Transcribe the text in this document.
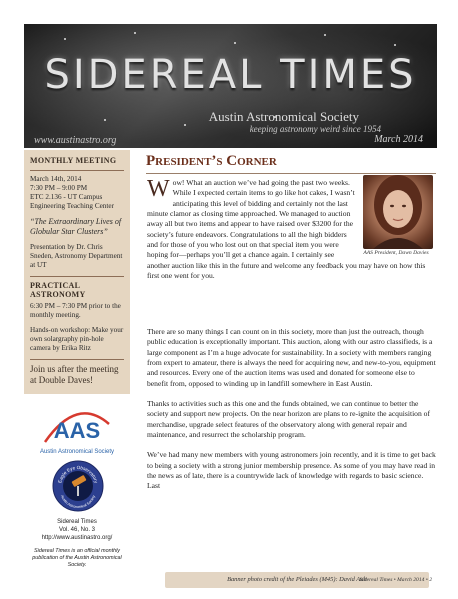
SIDEREAL TIMES
Austin Astronomical Society
keeping astronomy weird since 1954
www.austinastro.org	March 2014
MONTHLY MEETING
March 14th, 2014
7:30 PM – 9:00 PM
ETC 2.136 - UT Campus
Engineering Teaching Center
“The Extraordinary Lives of Globular Star Clusters”
Presentation by Dr. Chris Sneden, Astronomy Department at UT
PRACTICAL ASTRONOMY
6:30 PM – 7:30 PM prior to the monthly meeting.
Hands-on workshop: Make your own solargraphy pin-hole camera by Erika Ritz
Join us after the meeting at Double Daves!
AAS
Austin Astronomical Society
Eagle Eye Observatory
Austin Astronomical Society
Sidereal Times
Vol. 46, No. 3
http://www.austinastro.org/
Sidereal Times is an official monthly publication of the Austin Astronomical Society.
President’s Corner
AAS President, Dawn Davies

W ow! What an auction we’ve had going the past two weeks. While I expected certain items to go like hot cakes, I wasn’t anticipating this level of bidding and certainly not the last minute clamor as closing time approached. We managed to auction away all but two items and appear to have raised over $3200 for the society’s future endeavors. Congratulations to all the high bidders and for those of you who lost out on that special item you were hoping for—perhaps you’ll get a chance again. I certainly see another auction like this in the future and welcome any feedback you may have on how this first one went for you.

There are so many things I can count on in this society, more than just the outreach, though public education is exceptionally important. This auction, along with our astro classifieds, is a large component as I’m a huge advocate for sustainability. In a society with members ranging from expert to amateur, there is always the need for acquiring new, and new-to-you, equipment and resources. Every one of the auction items was used and donated for someone else to benefit from, opposed to winding up in landfill somewhere in East Austin.

Thanks to activities such as this one and the funds obtained, we can continue to better the society and support new projects. On the near horizon are plans to re-ignite the acquisition of merchandise, upgrade select features of the observatory along with general repair and maintenance, and resurrect the scholarship program.

We’ve had many new members with young astronomers join recently, and it is time to get back to being a society with a strong junior membership presence. As some of you may have read in the news as of late, there is a countrywide lack of knowledge with regards to basic science. Last

Banner photo credit of the Pleiades (M45): David Ault
Sidereal Times • March 2014 • 2
